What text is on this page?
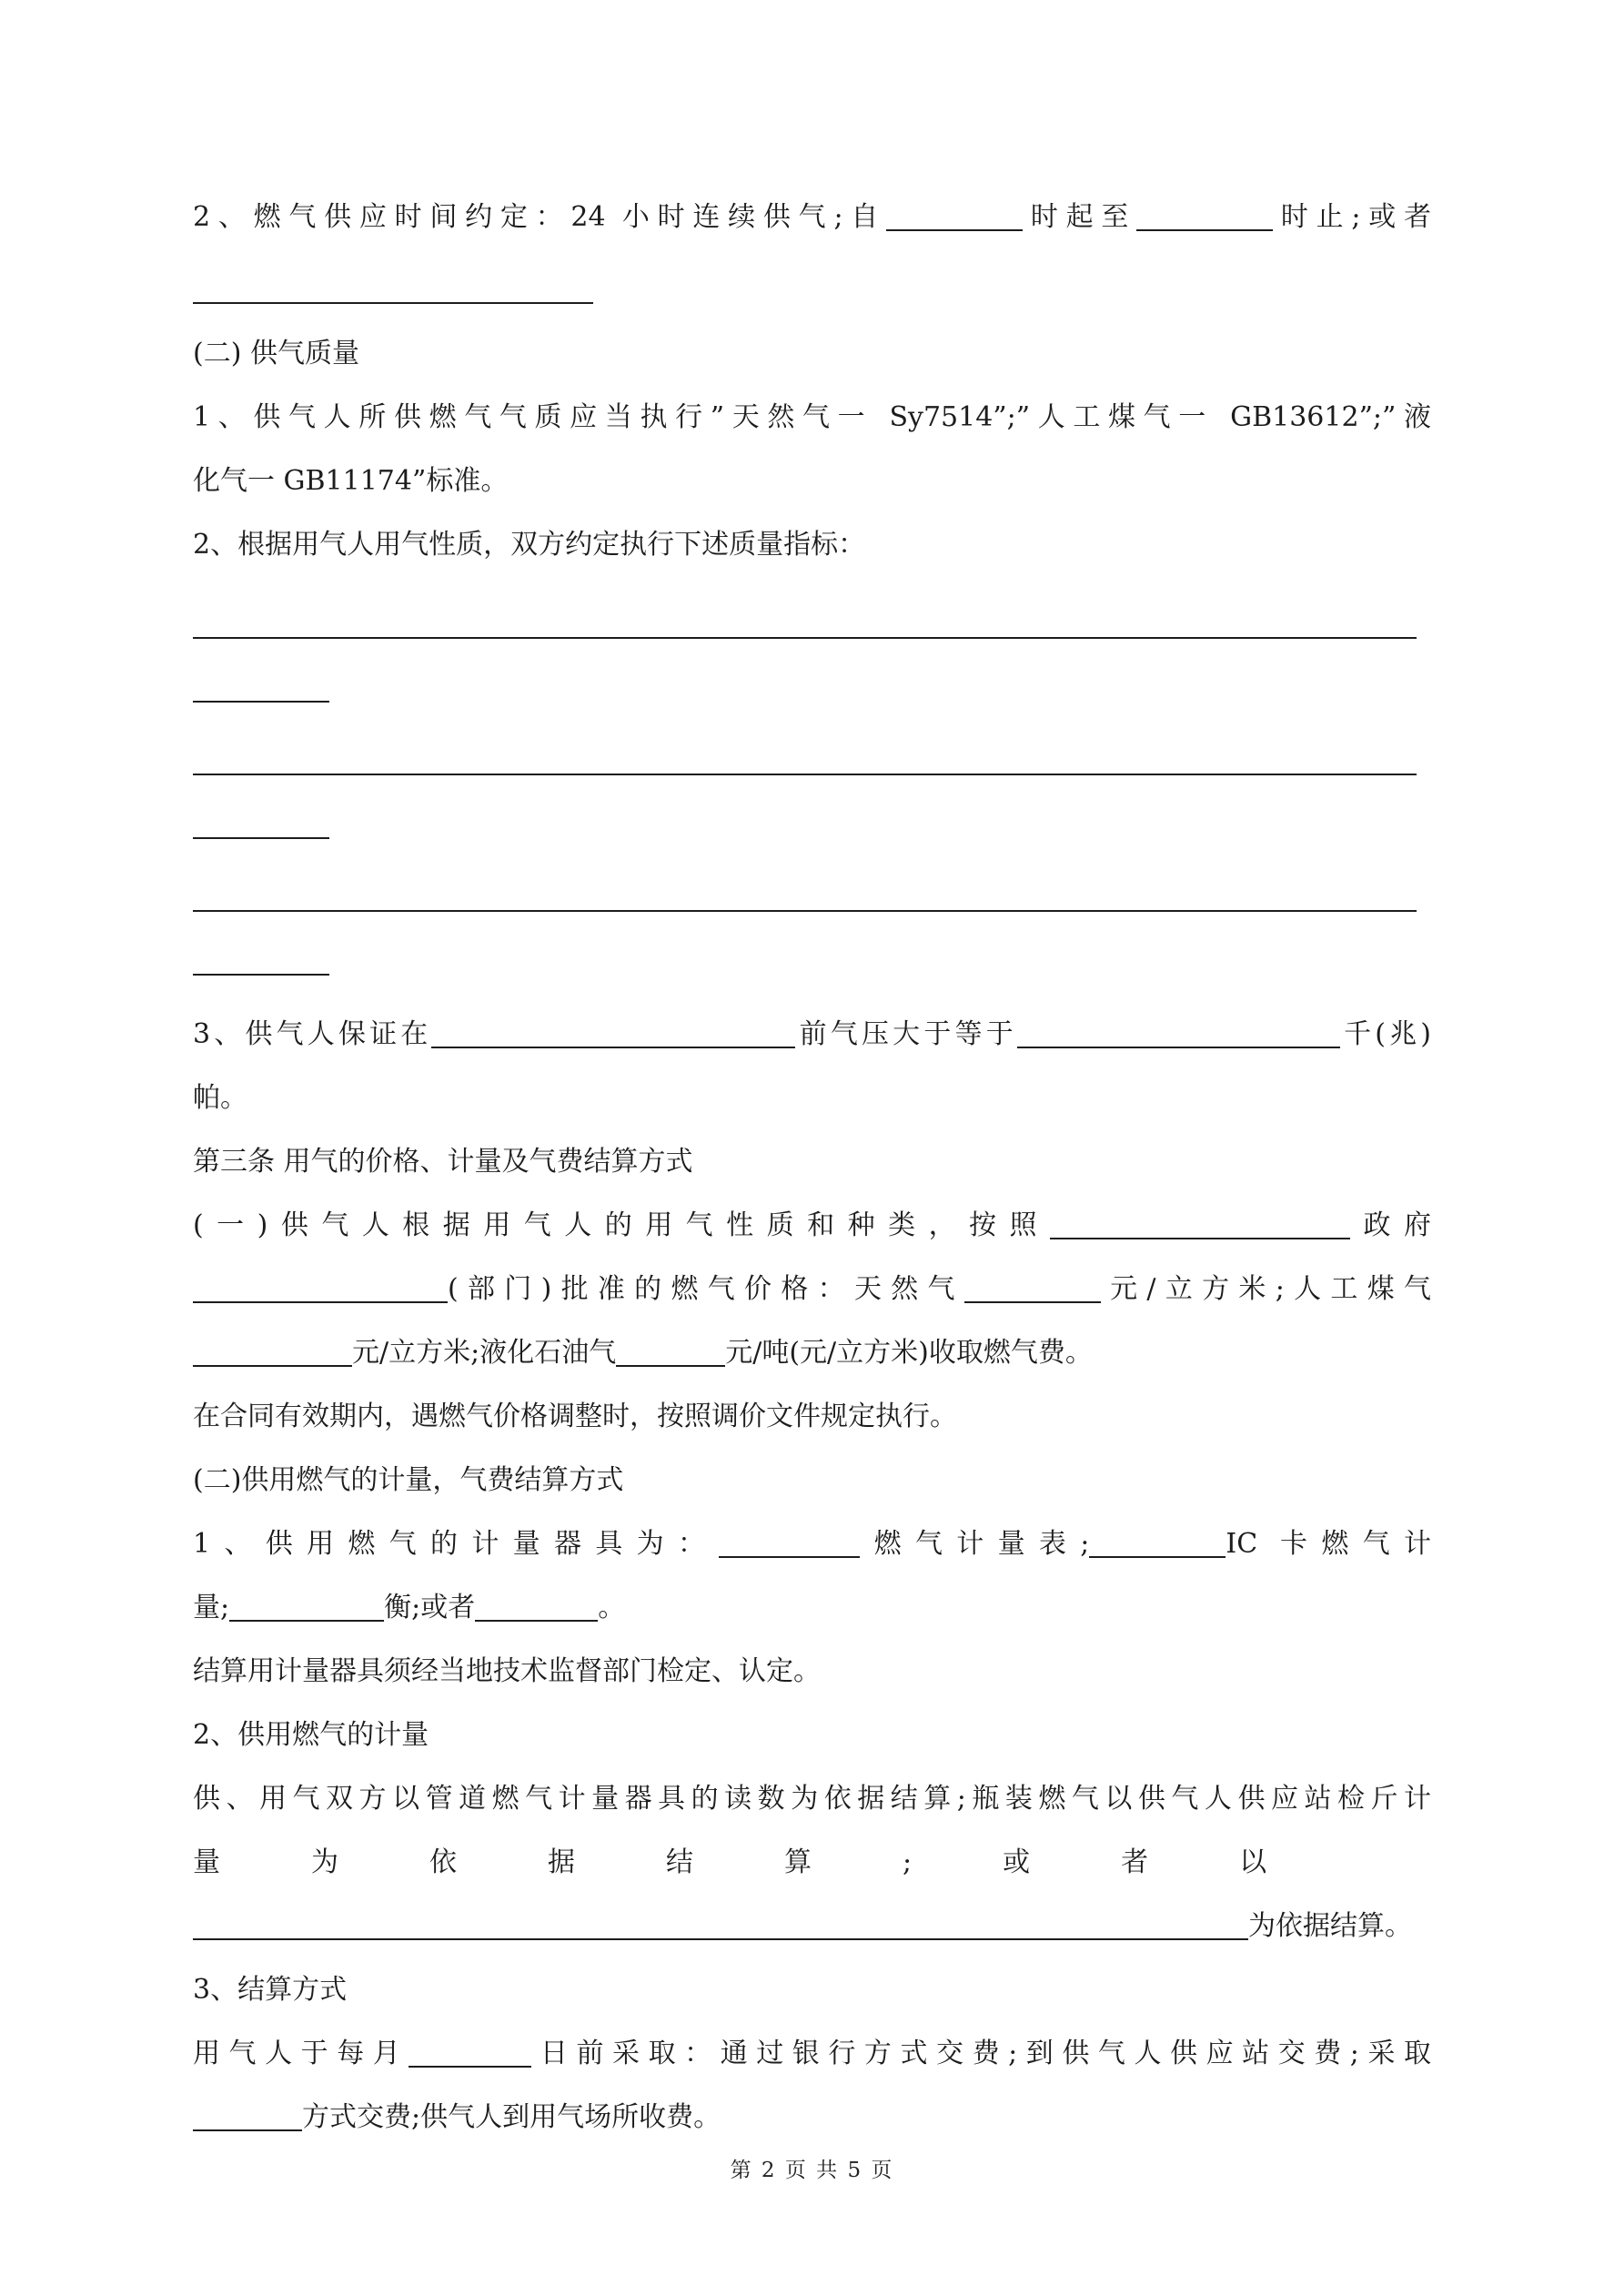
2、燃气供应时间约定：24 小时连续供气;自	时起至	时止;或者

(二) 供气质量

1、供气人所供燃气气质应当执行”天然气一 Sy7514”;”人工煤气一 GB13612”;”液

化气一 GB11174”标准。

2、根据用气人用气性质，双方约定执行下述质量指标：

3、供气人保证在	前气压大于等于	千(兆)

帕。

第三条 用气的价格、计量及气费结算方式

(一)供气人根据用气人的用气性质和种类，按照	政府

(部门)批准的燃气价格：天然气	元/立方米;人工煤气

元/立方米;液化石油气	元/吨(元/立方米)收取燃气费。

在合同有效期内，遇燃气价格调整时，按照调价文件规定执行。

(二)供用燃气的计量，气费结算方式

1、供用燃气的计量器具为：	燃气计量表;	IC 卡燃气计

量;	衡;或者	。

结算用计量器具须经当地技术监督部门检定、认定。

2、供用燃气的计量

供、用气双方以管道燃气计量器具的读数为依据结算;瓶装燃气以供气人供应站检斤计

量为依据结算;或者以

为依据结算。

3、结算方式

用气人于每月	日前采取：通过银行方式交费;到供气人供应站交费;采取

方式交费;供气人到用气场所收费。

第 2 页 共 5 页
